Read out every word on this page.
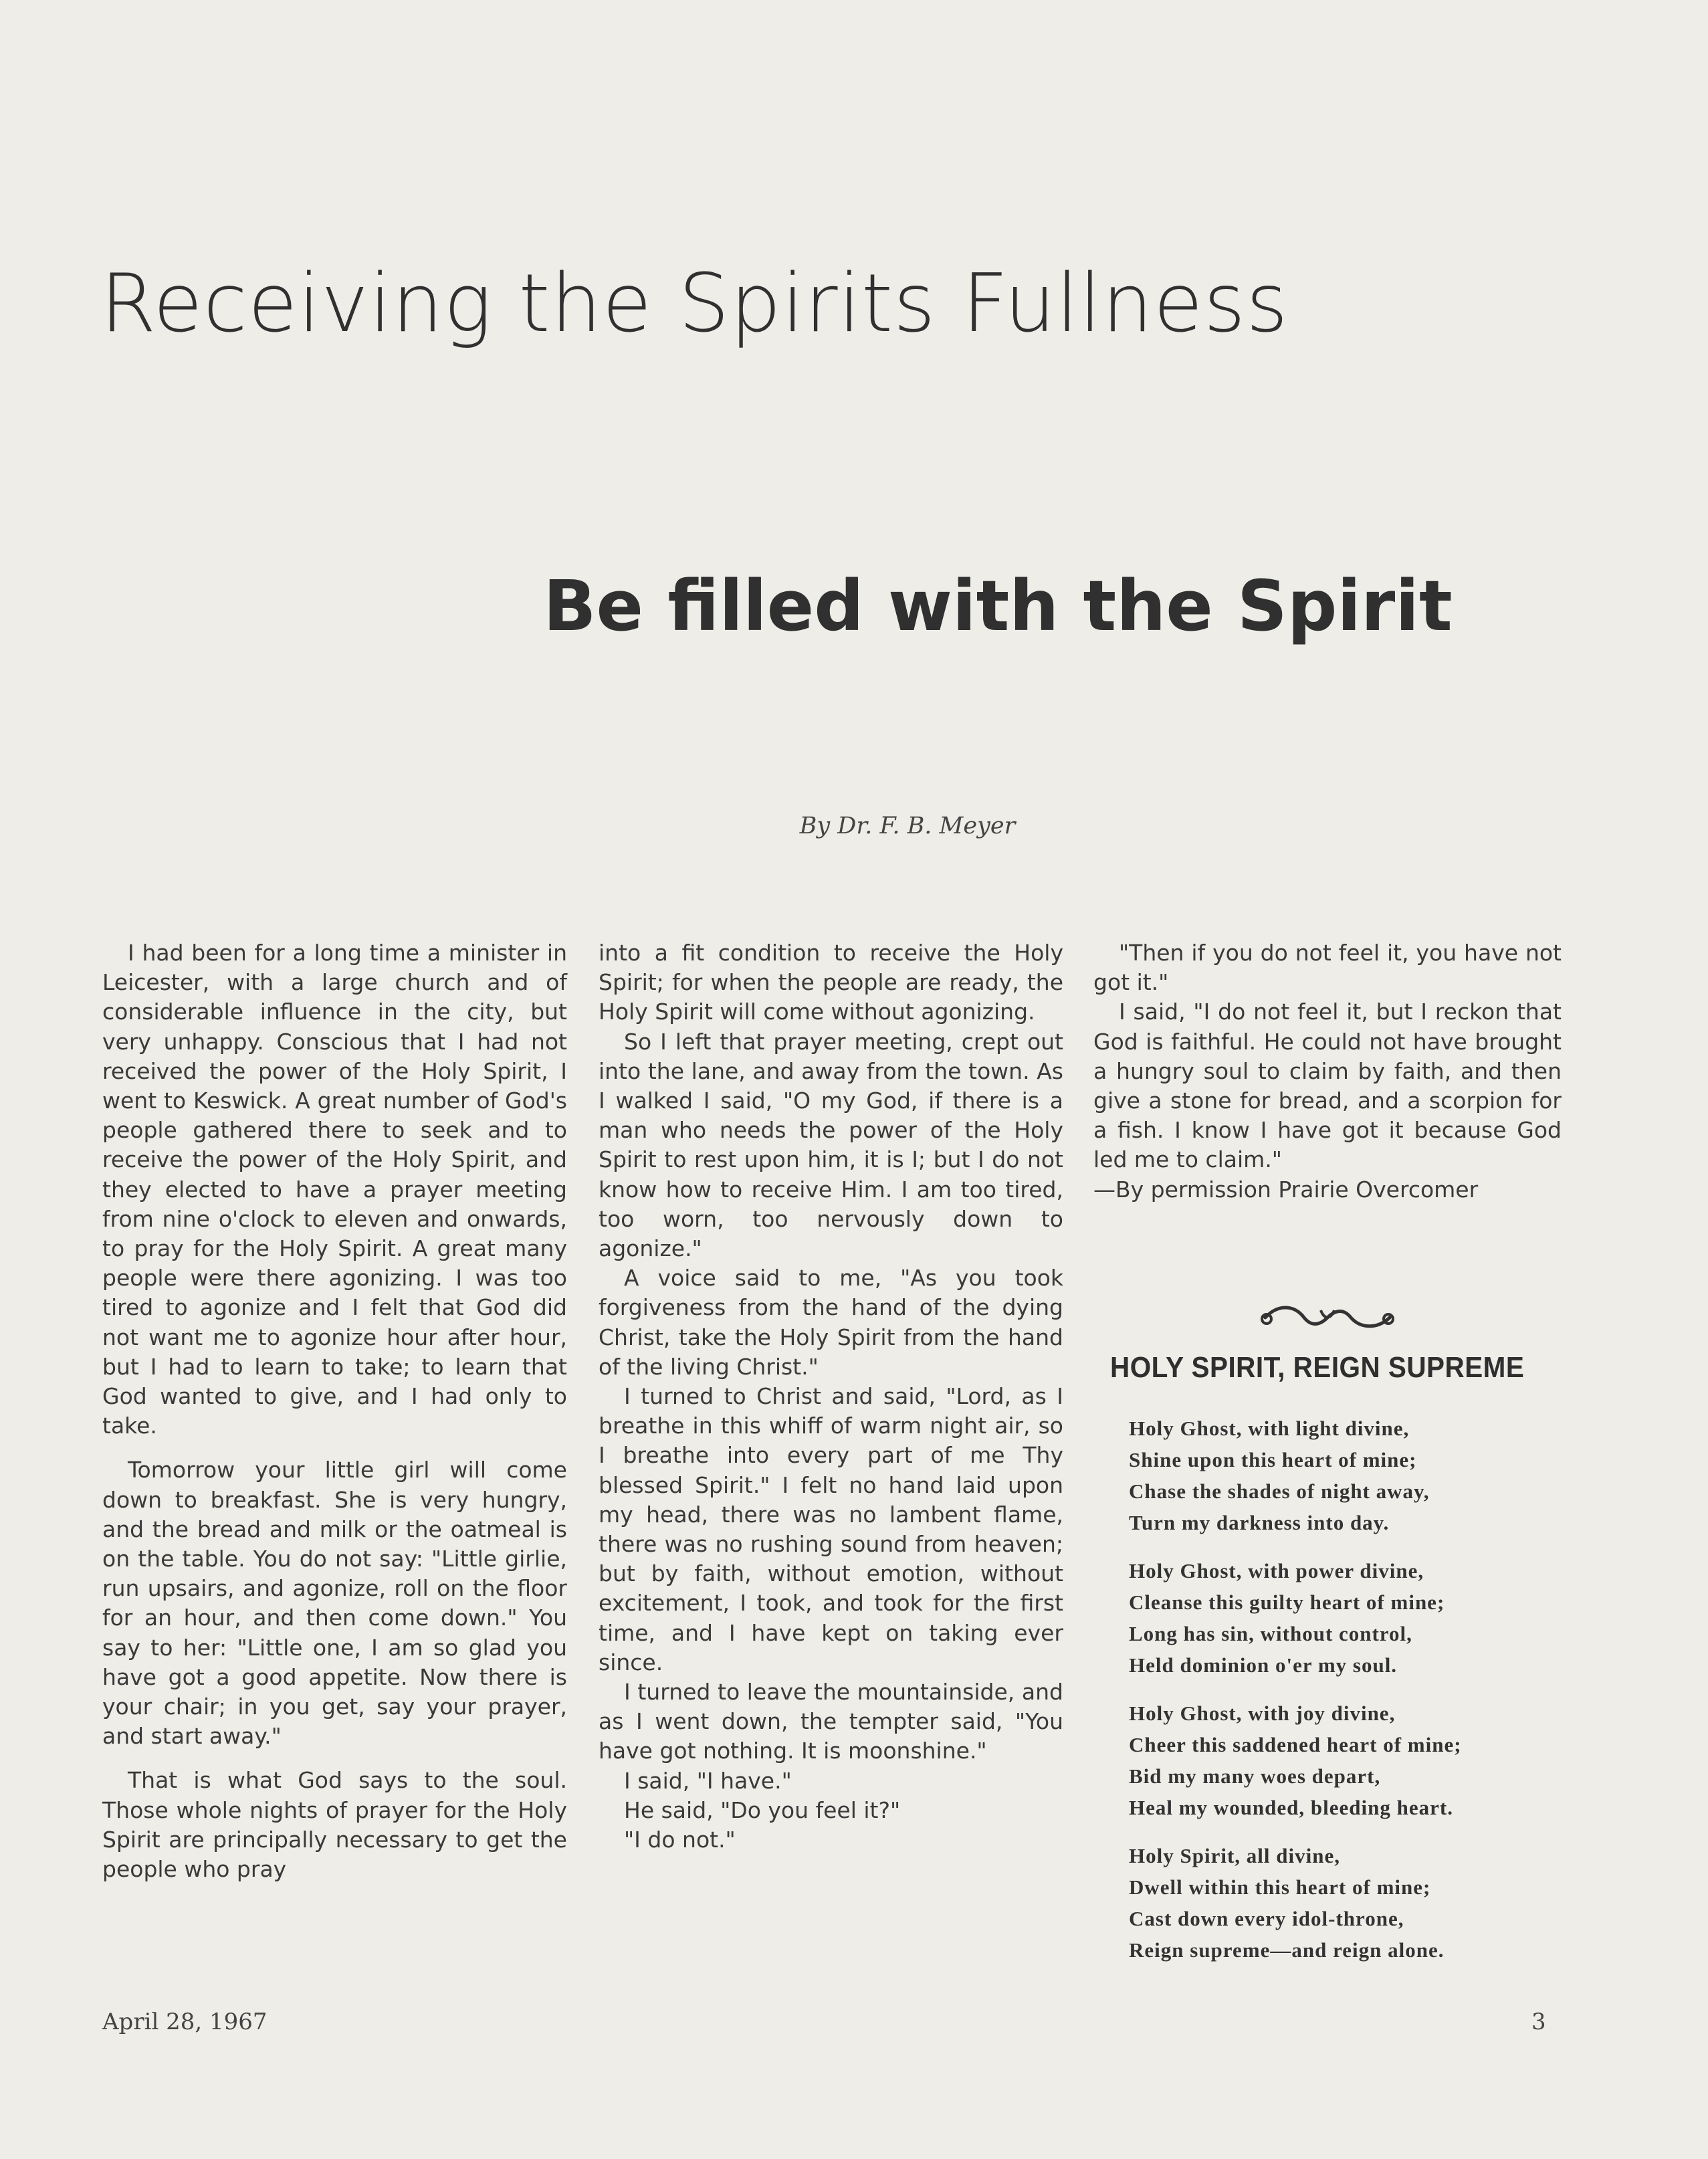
Receiving the Spirits Fullness
Be filled with the Spirit
By Dr. F. B. Meyer

I had been for a long time a minister in Leicester, with a large church and of considerable influence in the city, but very unhappy. Conscious that I had not received the power of the Holy Spirit, I went to Keswick. A great number of God's people gathered there to seek and to receive the power of the Holy Spirit, and they elected to have a prayer meeting from nine o'clock to eleven and onwards, to pray for the Holy Spirit. A great many people were there agonizing. I was too tired to agonize and I felt that God did not want me to agonize hour after hour, but I had to learn to take; to learn that God wanted to give, and I had only to take.

Tomorrow your little girl will come down to breakfast. She is very hungry, and the bread and milk or the oatmeal is on the table. You do not say: "Little girlie, run upsairs, and agonize, roll on the floor for an hour, and then come down." You say to her: "Little one, I am so glad you have got a good appetite. Now there is your chair; in you get, say your prayer, and start away."

That is what God says to the soul. Those whole nights of prayer for the Holy Spirit are principally necessary to get the people who pray

into a fit condition to receive the Holy Spirit; for when the people are ready, the Holy Spirit will come without agonizing.

So I left that prayer meeting, crept out into the lane, and away from the town. As I walked I said, "O my God, if there is a man who needs the power of the Holy Spirit to rest upon him, it is I; but I do not know how to receive Him. I am too tired, too worn, too nervously down to agonize."

A voice said to me, "As you took forgiveness from the hand of the dying Christ, take the Holy Spirit from the hand of the living Christ."

I turned to Christ and said, "Lord, as I breathe in this whiff of warm night air, so I breathe into every part of me Thy blessed Spirit." I felt no hand laid upon my head, there was no lambent flame, there was no rushing sound from heaven; but by faith, without emotion, without excitement, I took, and took for the first time, and I have kept on taking ever since.

I turned to leave the mountainside, and as I went down, the tempter said, "You have got nothing. It is moonshine."

I said, "I have."

He said, "Do you feel it?"

"I do not."

"Then if you do not feel it, you have not got it."

I said, "I do not feel it, but I reckon that God is faithful. He could not have brought a hungry soul to claim by faith, and then give a stone for bread, and a scorpion for a fish. I know I have got it because God led me to claim."

—By permission Prairie Overcomer

HOLY SPIRIT, REIGN SUPREME
Holy Ghost, with light divine,
Shine upon this heart of mine;
Chase the shades of night away,
Turn my darkness into day.
Holy Ghost, with power divine,
Cleanse this guilty heart of mine;
Long has sin, without control,
Held dominion o'er my soul.
Holy Ghost, with joy divine,
Cheer this saddened heart of mine;
Bid my many woes depart,
Heal my wounded, bleeding heart.
Holy Spirit, all divine,
Dwell within this heart of mine;
Cast down every idol-throne,
Reign supreme—and reign alone.
April 28, 1967	3
